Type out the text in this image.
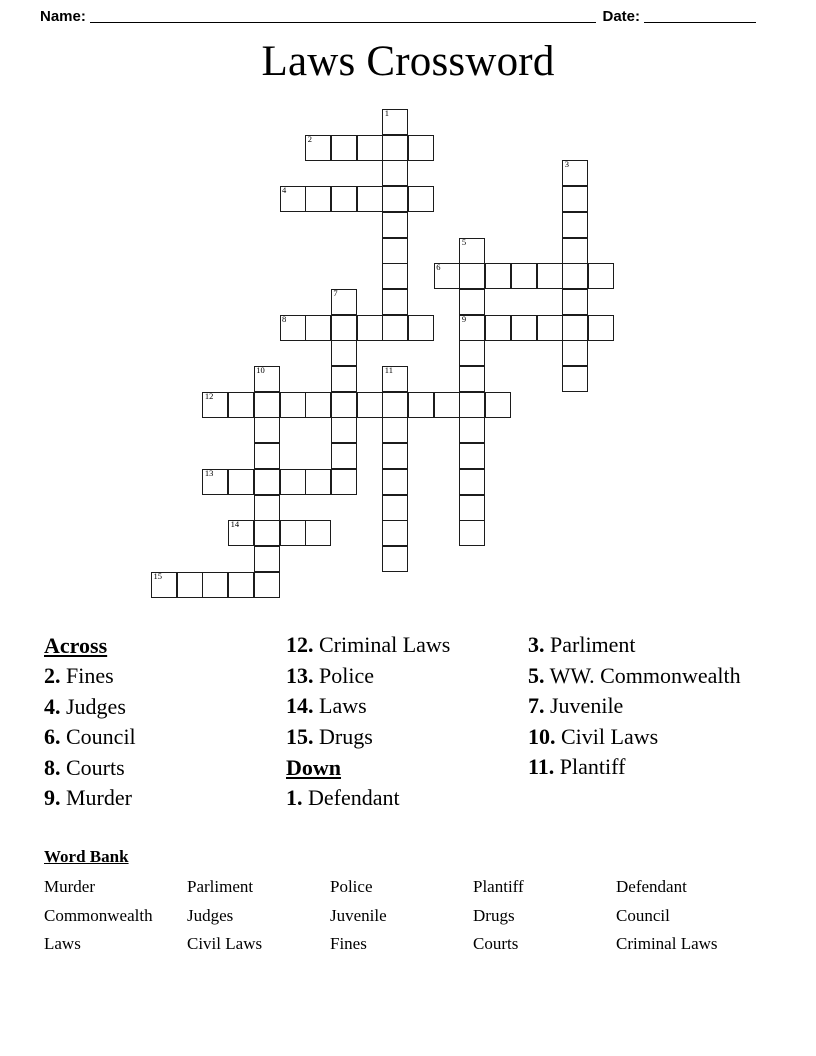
Name:	Date:
Laws Crossword
1
2
3
4
5
9
6
7
8
10	11
12
13
14
15
Across
2. Fines
4. Judges
6. Council
8. Courts
9. Murder
12. Criminal Laws
13. Police
14. Laws
15. Drugs
Down
1. Defendant
3. Parliment
5. WW. Commonwealth
7. Juvenile
10. Civil Laws
11. Plantiff
Word Bank
Murder	Parliment	Police	Plantiff	Defendant
Commonwealth	Judges	Juvenile	Drugs	Council
Laws	Civil Laws	Fines	Courts	Criminal Laws
